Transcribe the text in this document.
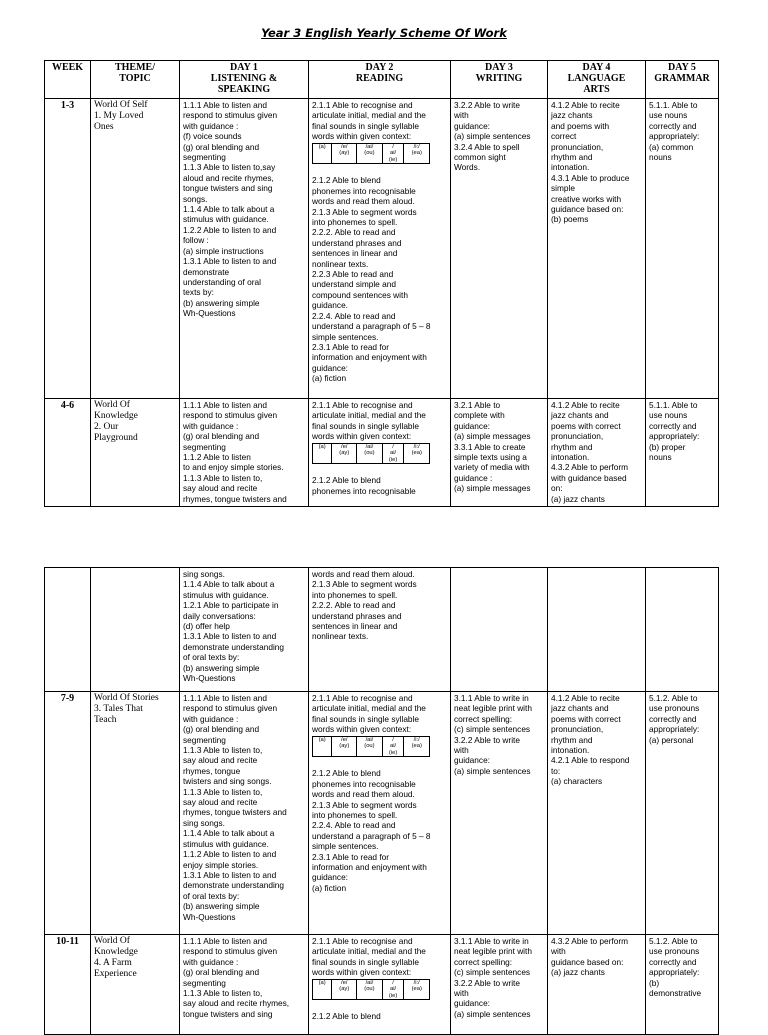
Year 3 English Yearly Scheme Of Work
WEEK	THEME/
TOPIC

DAY 1
LISTENING &
SPEAKING

DAY 2
READING

DAY 3
WRITING

DAY 4
LANGUAGE
ARTS

DAY 5
GRAMMAR

1-3	World Of Self
1. My Loved
Ones	1.1.1 Able to listen and
respond to stimulus given
with guidance :
(f) voice sounds
(g) oral blending and
segmenting
1.1.3 Able to listen to,say
aloud and recite rhymes,
tongue twisters and sing
songs.
1.1.4 Able to talk about a
stimulus with guidance.
1.2.2 Able to listen to and
follow :
(a) simple instructions
1.3.1 Able to listen to and
demonstrate
understanding of oral
texts by:
(b) answering simple
Wh-Questions	
2.1.1 Able to recognise and
articulate initial, medial and the
final sounds in single syllable
words within given context:
(a)	/e/
(ay)	/ai/
(ou)	/
ai/
(ie)	/i:/
(ea)
2.1.2 Able to blend
phonemes into recognisable
words and read them aloud.
2.1.3 Able to segment words
into phonemes to spell.
2.2.2. Able to read and
understand phrases and
sentences in linear and
nonlinear texts.
2.2.3 Able to read and
understand simple and
compound sentences with
guidance.
2.2.4. Able to read and
understand a paragraph of 5 – 8
simple sentences.
2.3.1 Able to read for
information and enjoyment with
guidance:
(a) fiction
	3.2.2 Able to write
with
guidance:
(a) simple sentences
3.2.4 Able to spell
common sight
Words.	4.1.2 Able to recite
jazz chants
and poems with
correct
pronunciation,
rhythm and
intonation.
4.3.1 Able to produce
simple
creative works with
guidance based on:
(b) poems	5.1.1. Able to
use nouns
correctly and
appropriately:
(a) common
nouns
4-6	World Of
Knowledge
2. Our
Playground	1.1.1 Able to listen and
respond to stimulus given
with guidance :
(g) oral blending and
segmenting
1.1.2 Able to listen
to and enjoy simple stories.
1.1.3 Able to listen to,
say aloud and recite
rhymes, tongue twisters and	
2.1.1 Able to recognise and
articulate initial, medial and the
final sounds in single syllable
words within given context:
(a)	/e/
(ay)	/ai/
(ou)	/
ai/
(ie)	/i:/
(ea)
2.1.2 Able to blend
phonemes into recognisable
	3.2.1 Able to
complete with
guidance:
(a) simple messages
3.3.1 Able to create
simple texts using a
variety of media with
guidance :
(a) simple messages	4.1.2 Able to recite
jazz chants and
poems with correct
pronunciation,
rhythm and
intonation.
4.3.2 Able to perform
with guidance based
on:
(a) jazz chants	5.1.1. Able to
use nouns
correctly and
appropriately:
(b) proper
nouns
		sing songs.
1.1.4 Able to talk about a
stimulus with guidance.
1.2.1 Able to participate in
daily conversations:
(d) offer help
1.3.1 Able to listen to and
demonstrate understanding
of oral texts by:
(b) answering simple
Wh-Questions	words and read them aloud.
2.1.3 Able to segment words
into phonemes to spell.
2.2.2. Able to read and
understand phrases and
sentences in linear and
nonlinear texts.			
7-9	World Of Stories
3. Tales That
Teach	1.1.1 Able to listen and
respond to stimulus given
with guidance :
(g) oral blending and
segmenting
1.1.3 Able to listen to,
say aloud and recite
rhymes, tongue
twisters and sing songs.
1.1.3 Able to listen to,
say aloud and recite
rhymes, tongue twisters and
sing songs.
1.1.4 Able to talk about a
stimulus with guidance.
1.1.2 Able to listen to and
enjoy simple stories.
1.3.1 Able to listen to and
demonstrate understanding
of oral texts by:
(b) answering simple
Wh-Questions	
2.1.1 Able to recognise and
articulate initial, medial and the
final sounds in single syllable
words within given context:
(a)	/e/
(ay)	/ai/
(ou)	/
ai/
(ie)	/i:/
(ea)
2.1.2 Able to blend
phonemes into recognisable
words and read them aloud.
2.1.3 Able to segment words
into phonemes to spell.
2.2.4. Able to read and
understand a paragraph of 5 – 8
simple sentences.
2.3.1 Able to read for
information and enjoyment with
guidance:
(a) fiction
	3.1.1 Able to write in
neat legible print with
correct spelling:
(c) simple sentences
3.2.2 Able to write
with
guidance:
(a) simple sentences	4.1.2 Able to recite
jazz chants and
poems with correct
pronunciation,
rhythm and
intonation.
4.2.1 Able to respond
to:
(a) characters	5.1.2. Able to
use pronouns
correctly and
appropriately:
(a) personal
10-11	World Of
Knowledge
4. A Farm
Experience	1.1.1 Able to listen and
respond to stimulus given
with guidance :
(g) oral blending and
segmenting
1.1.3 Able to listen to,
say aloud and recite rhymes,
tongue twisters and sing	
2.1.1 Able to recognise and
articulate initial, medial and the
final sounds in single syllable
words within given context:
(a)	/e/
(ay)	/ai/
(ou)	/
ai/
(ie)	/i:/
(ea)
2.1.2 Able to blend
	3.1.1 Able to write in
neat legible print with
correct spelling:
(c) simple sentences
3.2.2 Able to write
with
guidance:
(a) simple sentences	4.3.2 Able to perform
with
guidance based on:
(a) jazz chants	5.1.2. Able to
use pronouns
correctly and
appropriately:
(b)
demonstrative
